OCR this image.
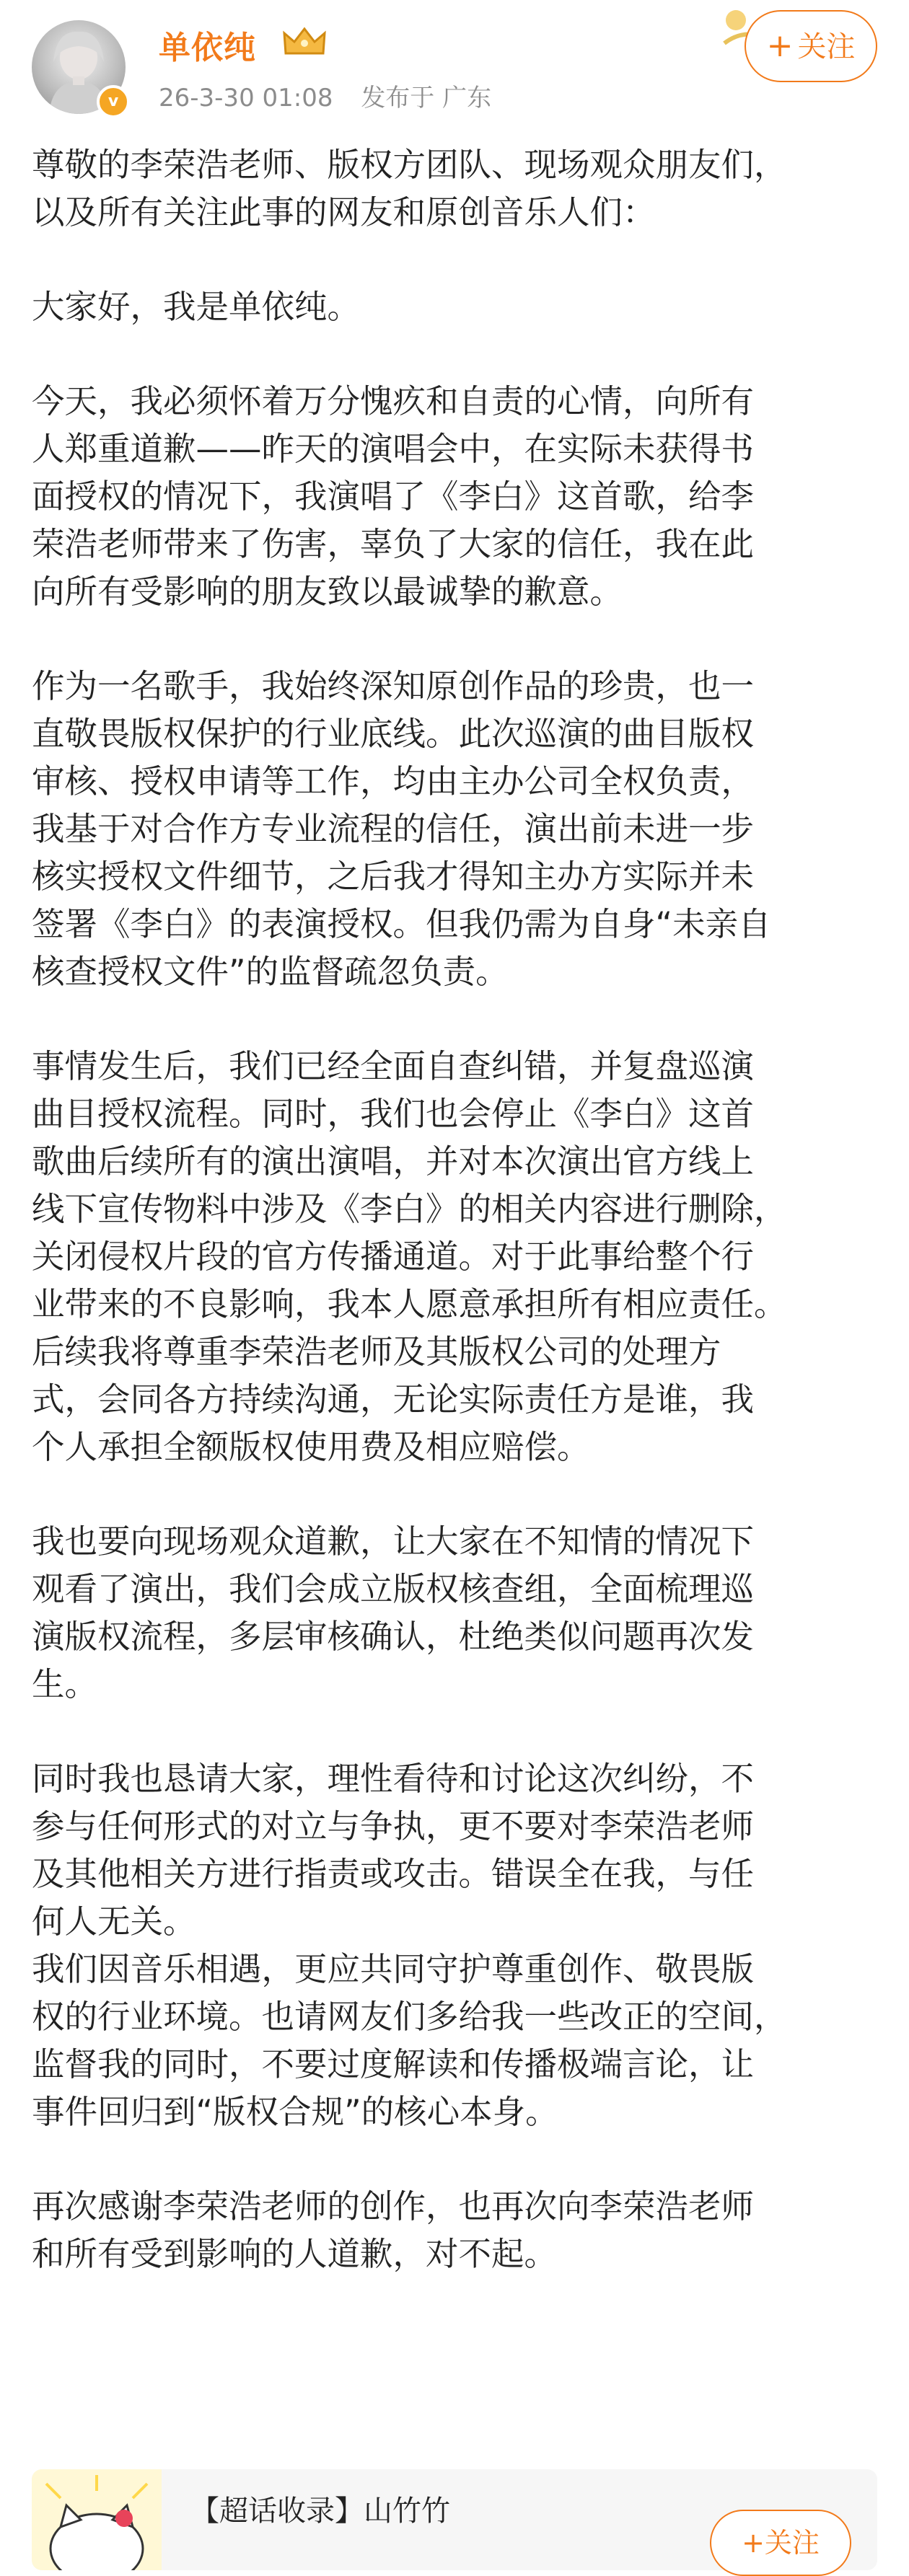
v
单依纯
26-3-30 01:08 发布于 广东
+ 关注

尊敬的李荣浩老师、版权方团队、现场观众朋友们，
以及所有关注此事的网友和原创音乐人们：

大家好，我是单依纯。

今天，我必须怀着万分愧疚和自责的心情，向所有
人郑重道歉——昨天的演唱会中，在实际未获得书
面授权的情况下，我演唱了《李白》这首歌，给李
荣浩老师带来了伤害，辜负了大家的信任，我在此
向所有受影响的朋友致以最诚挚的歉意。

作为一名歌手，我始终深知原创作品的珍贵，也一
直敬畏版权保护的行业底线。此次巡演的曲目版权
审核、授权申请等工作，均由主办公司全权负责，
我基于对合作方专业流程的信任，演出前未进一步
核实授权文件细节，之后我才得知主办方实际并未
签署《李白》的表演授权。但我仍需为自身“未亲自
核查授权文件”的监督疏忽负责。

事情发生后，我们已经全面自查纠错，并复盘巡演
曲目授权流程。同时，我们也会停止《李白》这首
歌曲后续所有的演出演唱，并对本次演出官方线上
线下宣传物料中涉及《李白》的相关内容进行删除，
关闭侵权片段的官方传播通道。对于此事给整个行
业带来的不良影响，我本人愿意承担所有相应责任。
后续我将尊重李荣浩老师及其版权公司的处理方
式，会同各方持续沟通，无论实际责任方是谁，我
个人承担全额版权使用费及相应赔偿。

我也要向现场观众道歉，让大家在不知情的情况下
观看了演出，我们会成立版权核查组，全面梳理巡
演版权流程，多层审核确认，杜绝类似问题再次发
生。

同时我也恳请大家，理性看待和讨论这次纠纷，不
参与任何形式的对立与争执，更不要对李荣浩老师
及其他相关方进行指责或攻击。错误全在我，与任
何人无关。
我们因音乐相遇，更应共同守护尊重创作、敬畏版
权的行业环境。也请网友们多给我一些改正的空间，
监督我的同时，不要过度解读和传播极端言论，让
事件回归到“版权合规”的核心本身。

再次感谢李荣浩老师的创作，也再次向李荣浩老师
和所有受到影响的人道歉，对不起。

【超话收录】山竹竹
+关注
